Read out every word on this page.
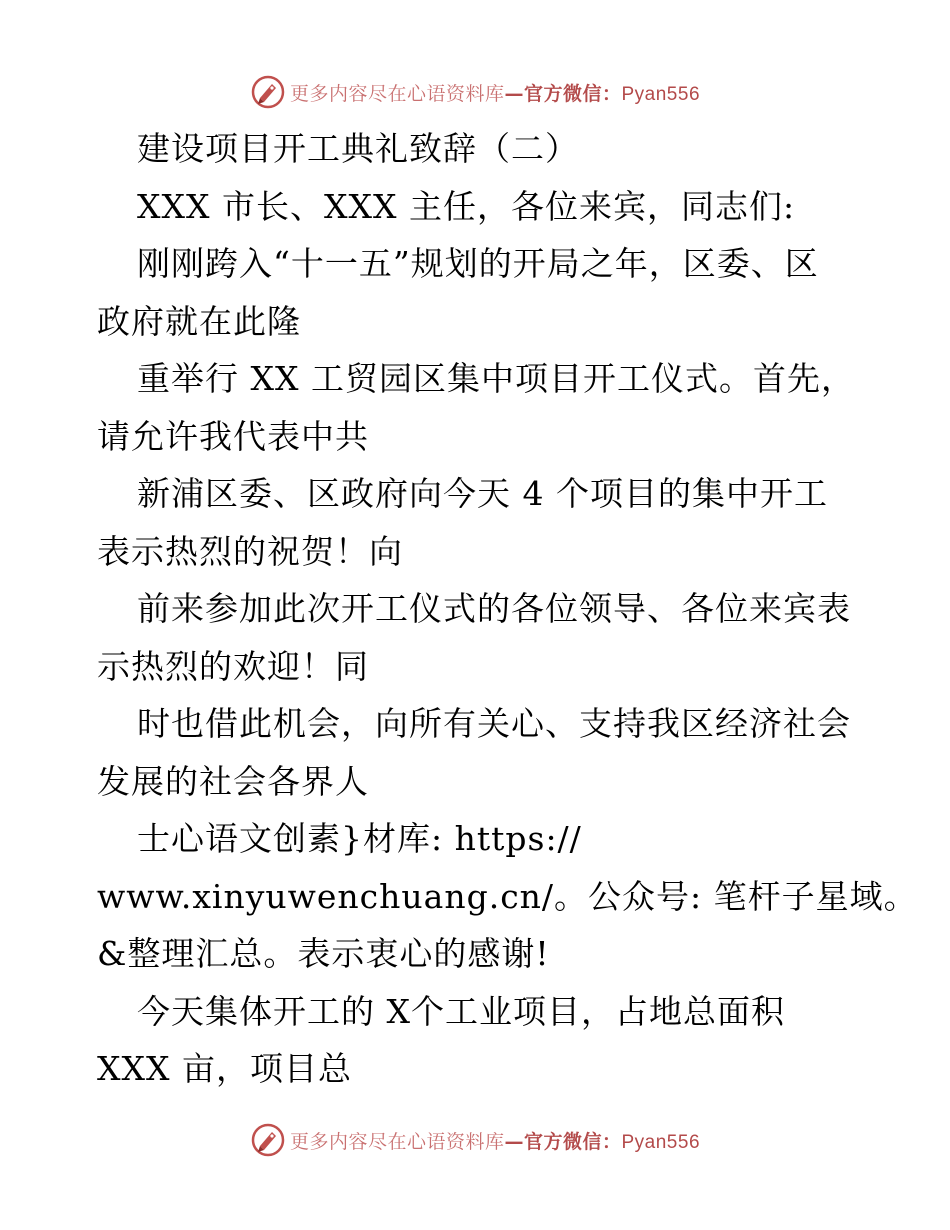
更多内容尽在心语资料库—官方微信：Pyan556

建设项目开工典礼致辞（二）

XXX 市长、XXX 主任，各位来宾，同志们:

刚刚跨入“十一五”规划的开局之年，区委、区

政府就在此隆

重举行 XX 工贸园区集中项目开工仪式。首先，

请允许我代表中共

新浦区委、区政府向今天 4 个项目的集中开工

表示热烈的祝贺！向

前来参加此次开工仪式的各位领导、各位来宾表

示热烈的欢迎！同

时也借此机会，向所有关心、支持我区经济社会

发展的社会各界人

士心语文创素}材库: https://

www.xinyuwenchuang.cn/。公众号: 笔杆子星域。

&整理汇总。表示衷心的感谢!

今天集体开工的 X个工业项目，占地总面积

XXX 亩，项目总

更多内容尽在心语资料库—官方微信：Pyan556
